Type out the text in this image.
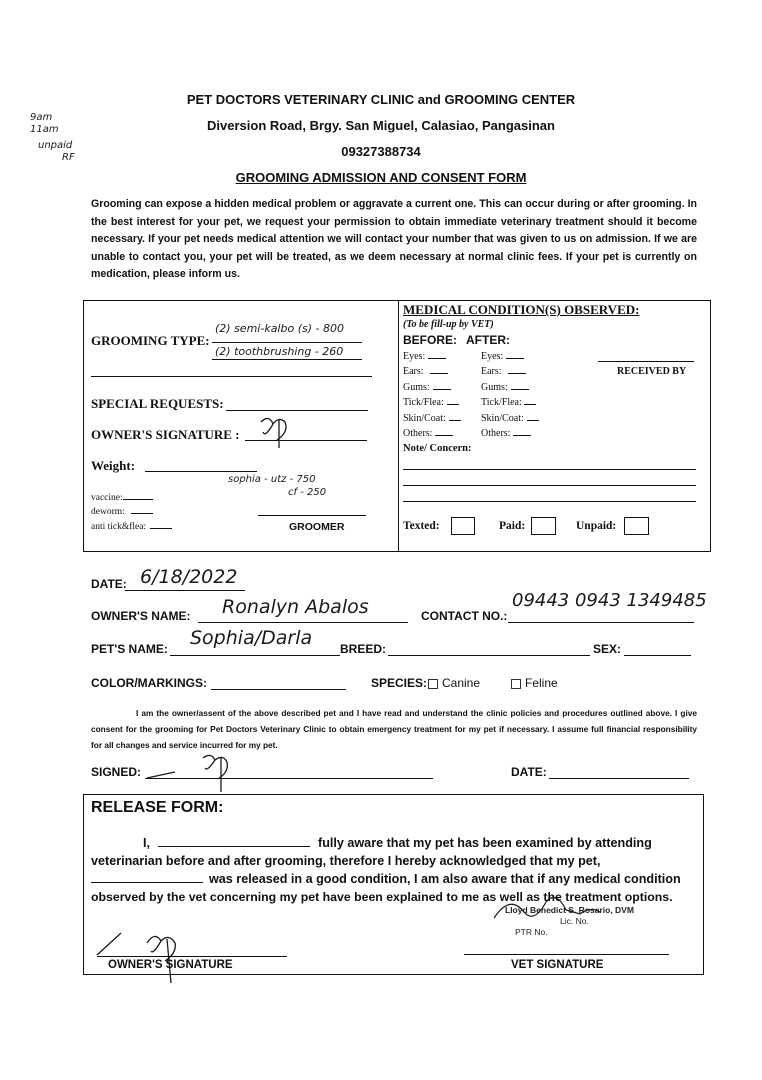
9am
11am
unpaid
RF
PET DOCTORS VETERINARY CLINIC and GROOMING CENTER
Diversion Road, Brgy. San Miguel, Calasiao, Pangasinan
09327388734
GROOMING ADMISSION AND CONSENT FORM
Grooming can expose a hidden medical problem or aggravate a current one. This can occur during or after grooming. In the best interest for your pet, we request your permission to obtain immediate veterinary treatment should it become necessary. If your pet needs medical attention we will contact your number that was given to us on admission. If we are unable to contact you, your pet will be treated, as we deem necessary at normal clinic fees. If your pet is currently on medication, please inform us.
GROOMING TYPE:
(2) semi-kalbo (s) - 800
(2) toothbrushing - 260
SPECIAL REQUESTS:
OWNER'S SIGNATURE :
Weight:
sophia - utz - 750
cf - 250
vaccine:
deworm:
anti tick&flea:	GROOMER
MEDICAL CONDITION(S) OBSERVED:
(To be fill-up by VET)
BEFORE: AFTER:
Eyes:	Eyes:
Ears:	Ears:
Gums:	Gums:
Tick/Flea:	Tick/Flea:
Skin/Coat:	Skin/Coat:
Others:	Others:
RECEIVED BY
Note/ Concern:
Texted:	Paid:	Unpaid:
DATE: 6/18/2022
OWNER'S NAME: Ronalyn Abalos	CONTACT NO.:
09443 0943 1349485
PET'S NAME: Sophia/Darla BREED:	SEX:
COLOR/MARKINGS:	SPECIES:	Canine	Feline
I am the owner/assent of the above described pet and I have read and understand the clinic policies and procedures outlined above. I give consent for the grooming for Pet Doctors Veterinary Clinic to obtain emergency treatment for my pet if necessary. I assume full financial responsibility for all changes and service incurred for my pet.
SIGNED:	DATE:
RELEASE FORM:
I,	fully aware that my pet has been examined by attending
veterinarian before and after grooming, therefore I hereby acknowledged that my pet,
was released in a good condition, I am also aware that if any medical condition
observed by the vet concerning my pet have been explained to me as well as the treatment options.
Lloyd Benedict S. Rosario, DVM
Lic. No.
PTR No.
OWNER'S SIGNATURE	VET SIGNATURE
